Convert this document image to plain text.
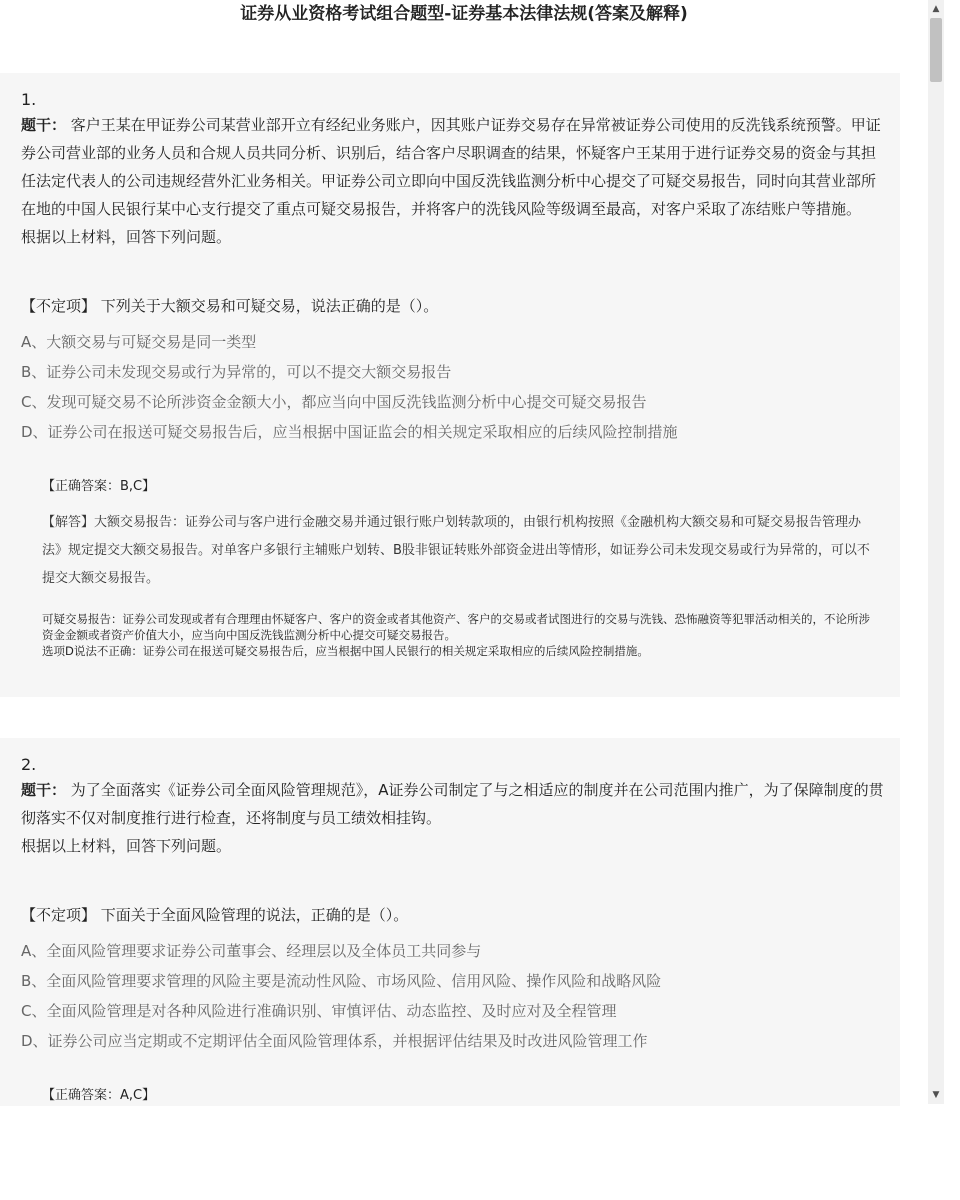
证券从业资格考试组合题型-证券基本法律法规(答案及解释)
1.
题干： 客户王某在甲证券公司某营业部开立有经纪业务账户，因其账户证券交易存在异常被证券公司使用的反洗钱系统预警。甲证券公司营业部的业务人员和合规人员共同分析、识别后，结合客户尽职调查的结果，怀疑客户王某用于进行证券交易的资金与其担任法定代表人的公司违规经营外汇业务相关。甲证券公司立即向中国反洗钱监测分析中心提交了可疑交易报告，同时向其营业部所在地的中国人民银行某中心支行提交了重点可疑交易报告，并将客户的洗钱风险等级调至最高，对客户采取了冻结账户等措施。
根据以上材料，回答下列问题。
【不定项】 下列关于大额交易和可疑交易，说法正确的是（）。
A、大额交易与可疑交易是同一类型
B、证券公司未发现交易或行为异常的，可以不提交大额交易报告
C、发现可疑交易不论所涉资金金额大小，都应当向中国反洗钱监测分析中心提交可疑交易报告
D、证券公司在报送可疑交易报告后，应当根据中国证监会的相关规定采取相应的后续风险控制措施
【正确答案：B,C】
【解答】大额交易报告：证券公司与客户进行金融交易并通过银行账户划转款项的，由银行机构按照《金融机构大额交易和可疑交易报告管理办法》规定提交大额交易报告。对单客户多银行主辅账户划转、B股非银证转账外部资金进出等情形，如证券公司未发现交易或行为异常的，可以不提交大额交易报告。
可疑交易报告：证券公司发现或者有合理理由怀疑客户、客户的资金或者其他资产、客户的交易或者试图进行的交易与洗钱、恐怖融资等犯罪活动相关的，不论所涉资金金额或者资产价值大小，应当向中国反洗钱监测分析中心提交可疑交易报告。
选项D说法不正确：证券公司在报送可疑交易报告后，应当根据中国人民银行的相关规定采取相应的后续风险控制措施。
2.
题干： 为了全面落实《证券公司全面风险管理规范》，A证券公司制定了与之相适应的制度并在公司范围内推广，为了保障制度的贯彻落实不仅对制度推行进行检查，还将制度与员工绩效相挂钩。
根据以上材料，回答下列问题。
【不定项】 下面关于全面风险管理的说法，正确的是（）。
A、全面风险管理要求证券公司董事会、经理层以及全体员工共同参与
B、全面风险管理要求管理的风险主要是流动性风险、市场风险、信用风险、操作风险和战略风险
C、全面风险管理是对各种风险进行准确识别、审慎评估、动态监控、及时应对及全程管理
D、证券公司应当定期或不定期评估全面风险管理体系，并根据评估结果及时改进风险管理工作
【正确答案：A,C】
▲
▼
